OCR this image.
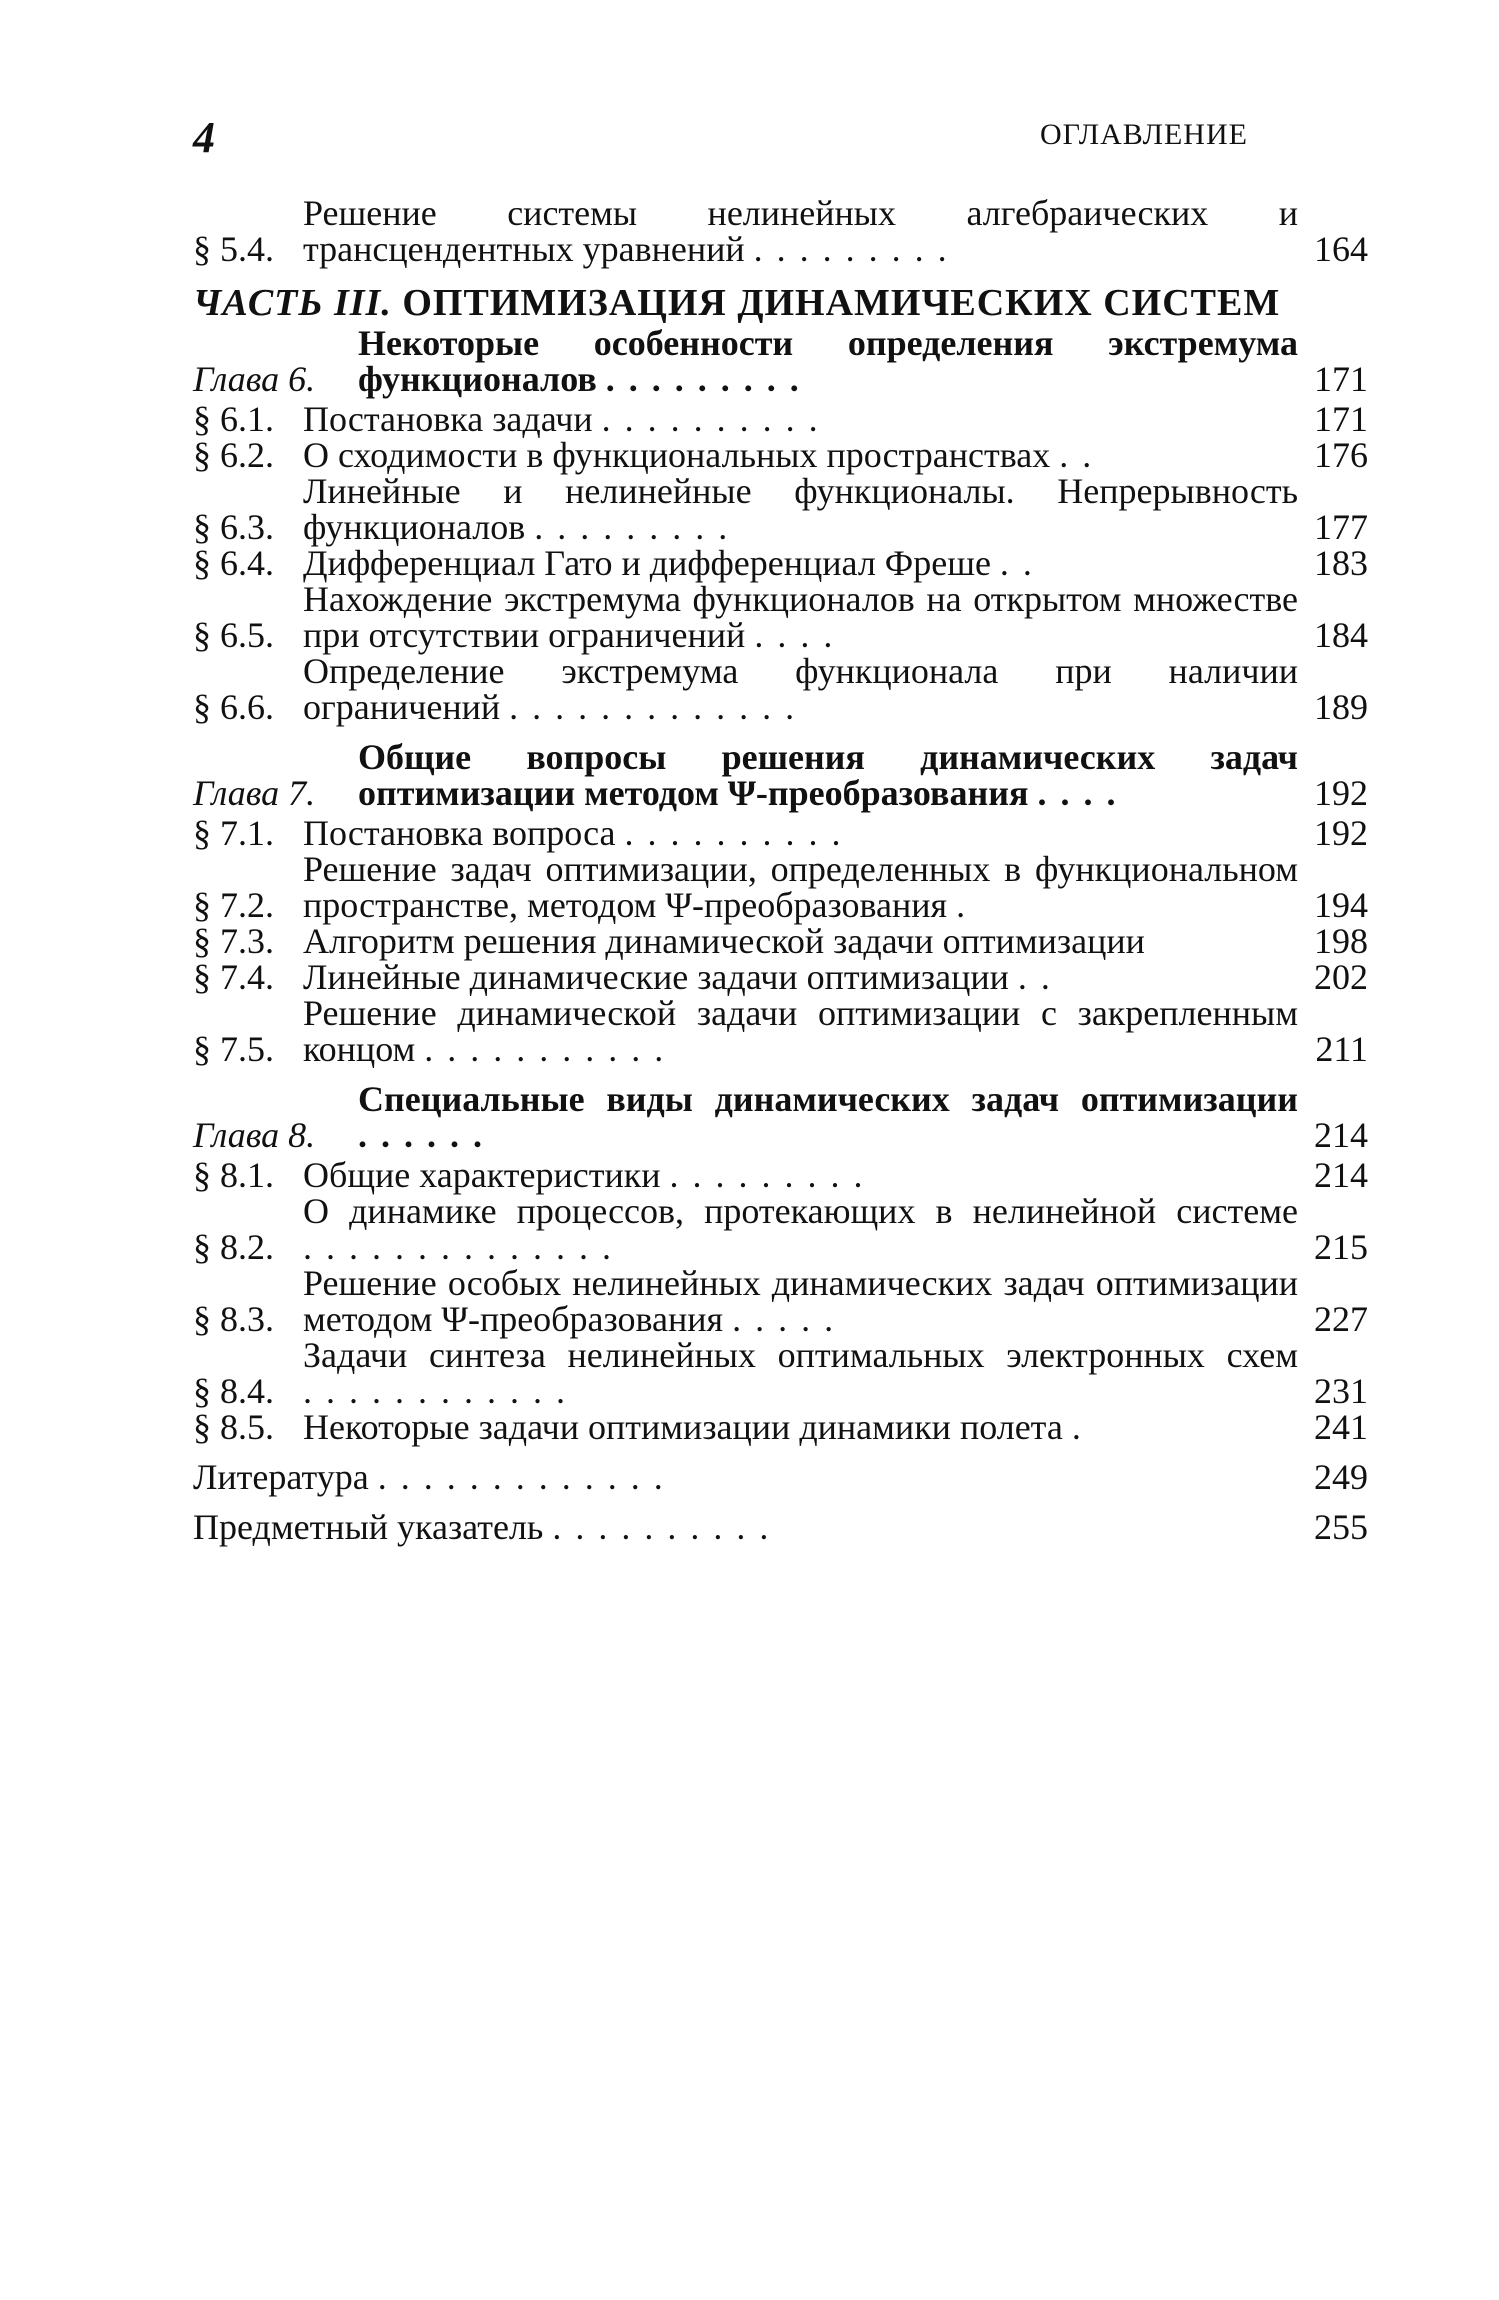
4	ОГЛАВЛЕНИЕ
§ 5.4.
Решение системы нелинейных алгебраических и трансцендентных уравнений .........	164
ЧАСТЬ III. ОПТИМИЗАЦИЯ ДИНАМИЧЕСКИХ СИСТЕМ
Глава 6.
Некоторые особенности определения экстремума функционалов .........	171
§ 6.1. Постановка задачи ..........	171
§ 6.2. О сходимости в функциональных пространствах ..	176
§ 6.3.
Линейные и нелинейные функционалы. Непрерывность функционалов .........	177
§ 6.4. Дифференциал Гато и дифференциал Фреше ..	183
§ 6.5.
Нахождение экстремума функционалов на открытом множестве при отсутствии ограничений ....	184
§ 6.6.
Определение экстремума функционала при наличии ограничений .............	189
Глава 7.
Общие вопросы решения динамических задач оптимизации методом Ψ-преобразования ....	192
§ 7.1. Постановка вопроса ..........	192
§ 7.2.
Решение задач оптимизации, определенных в функциональном пространстве, методом Ψ-преобразования .	194
§ 7.3. Алгоритм решения динамической задачи оптимизации	198
§ 7.4. Линейные динамические задачи оптимизации ..	202
§ 7.5.
Решение динамической задачи оптимизации с закрепленным концом ...........	211
Глава 8.
Специальные виды динамических задач оптимизации ......	214
§ 8.1. Общие характеристики .........	214
§ 8.2.
О динамике процессов, протекающих в нелинейной системе ..............	215
§ 8.3.
Решение особых нелинейных динамических задач оптимизации методом Ψ-преобразования .....	227
§ 8.4.
Задачи синтеза нелинейных оптимальных электронных схем ............	231
§ 8.5. Некоторые задачи оптимизации динамики полета .	241
Литература .............	249
Предметный указатель ..........	255
